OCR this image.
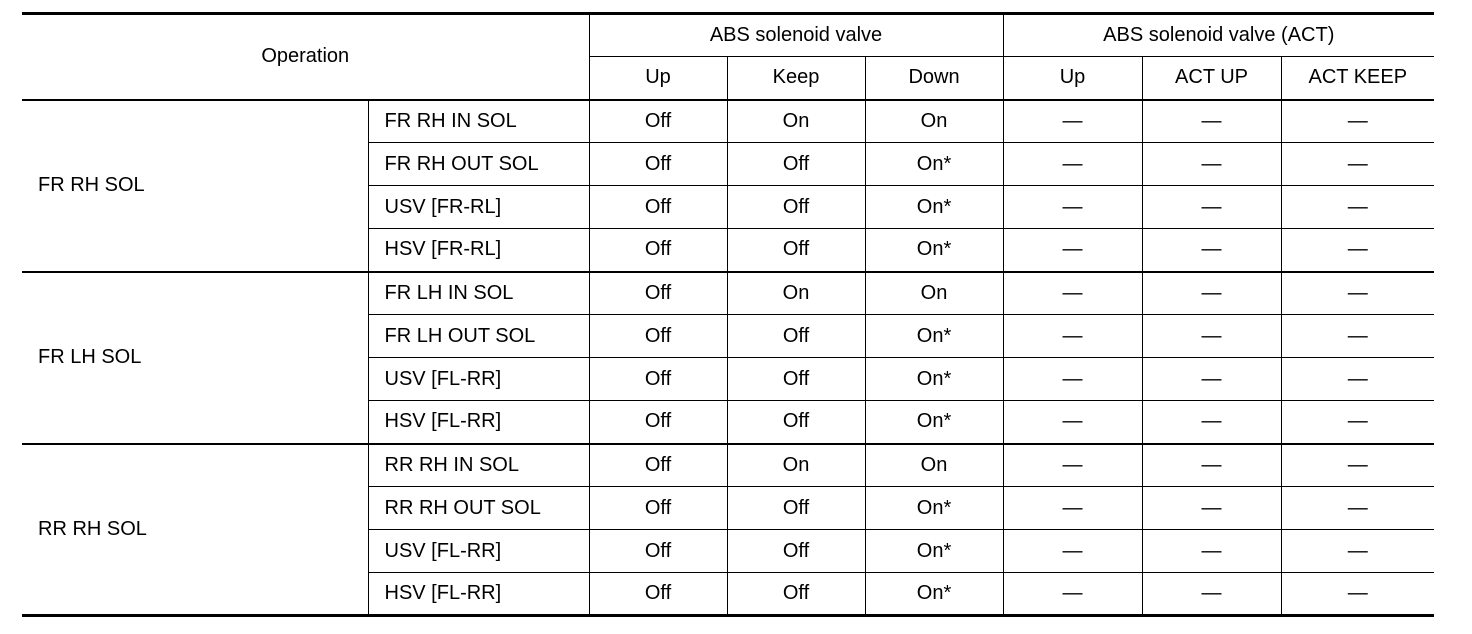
Operation		ABS solenoid valve			ABS solenoid valve (ACT)		
		Up	Keep	Down	Up	ACT UP	ACT KEEP
FR RH SOL	FR RH IN SOL	Off	On	On	—	—	—
	FR RH OUT SOL	Off	Off	On*	—	—	—
	USV [FR-RL]	Off	Off	On*	—	—	—
	HSV [FR-RL]	Off	Off	On*	—	—	—
FR LH SOL	FR LH IN SOL	Off	On	On	—	—	—
	FR LH OUT SOL	Off	Off	On*	—	—	—
	USV [FL-RR]	Off	Off	On*	—	—	—
	HSV [FL-RR]	Off	Off	On*	—	—	—
RR RH SOL	RR RH IN SOL	Off	On	On	—	—	—
	RR RH OUT SOL	Off	Off	On*	—	—	—
	USV [FL-RR]	Off	Off	On*	—	—	—
	HSV [FL-RR]	Off	Off	On*	—	—	—
